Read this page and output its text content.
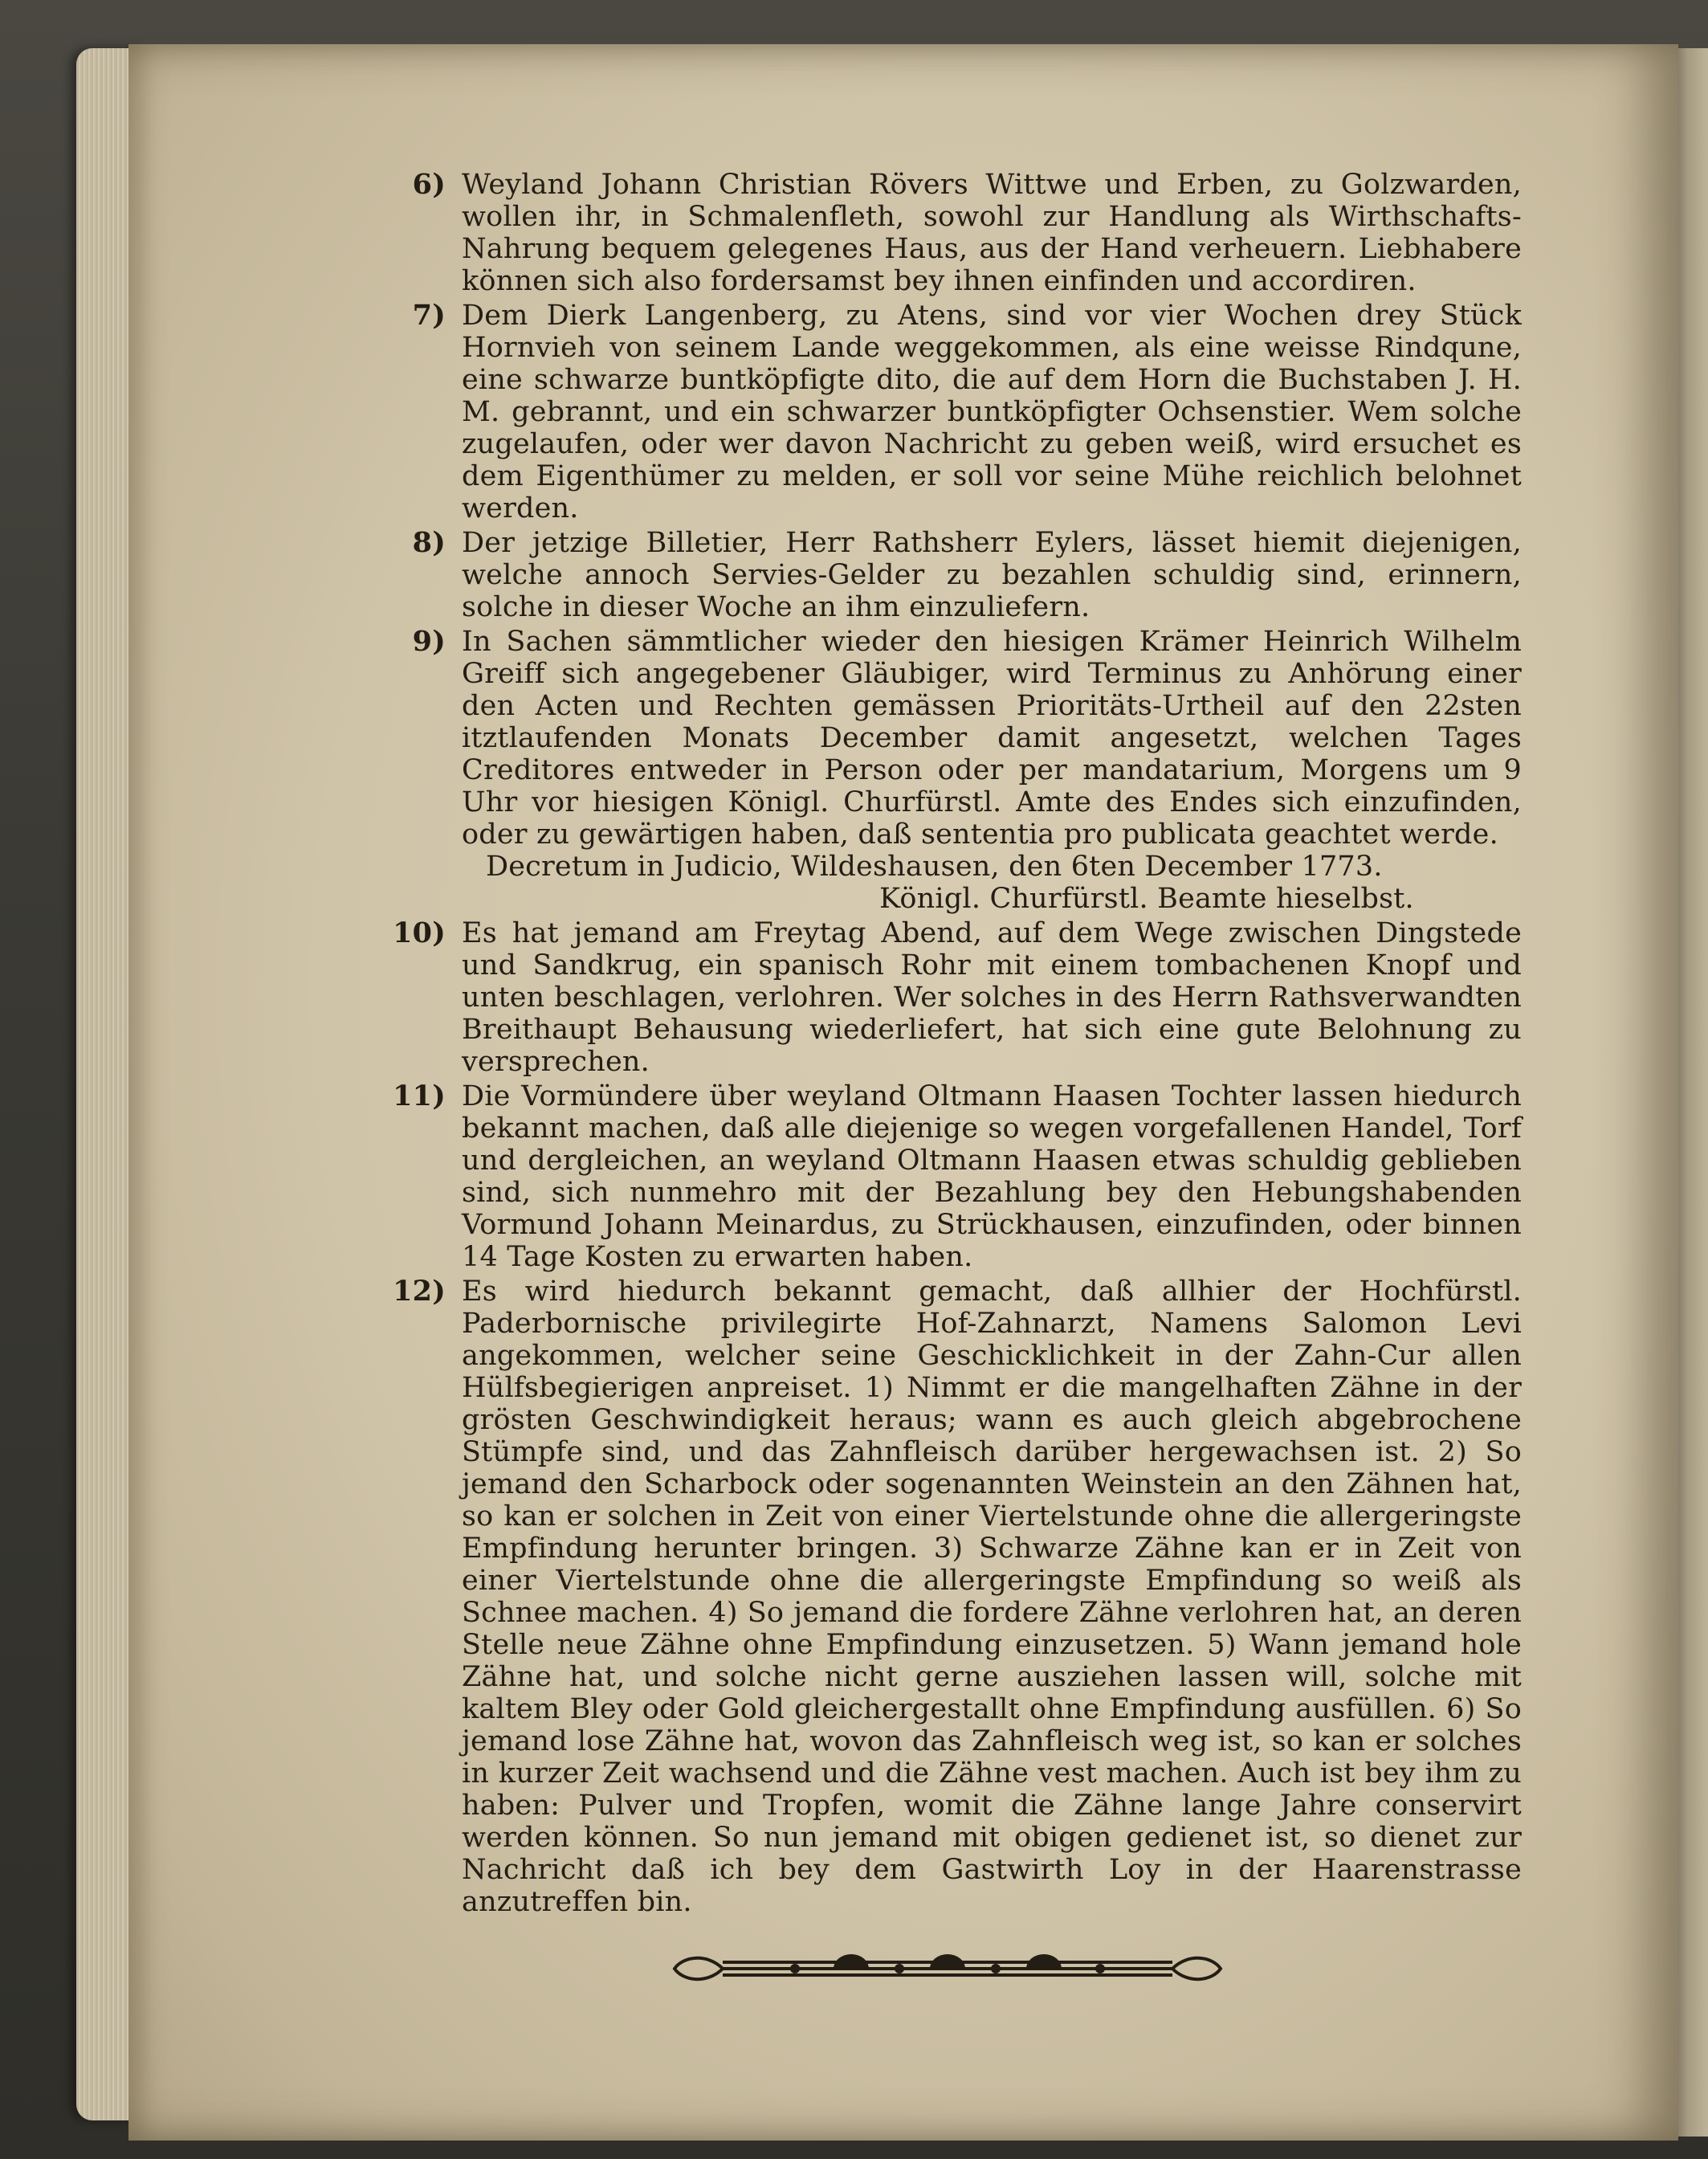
6) Weyland Johann Christian Rövers Wittwe und Erben, zu Golzwarden, wollen ihr, in Schmalenfleth, sowohl zur Handlung als Wirthschafts-Nahrung bequem gelegenes Haus, aus der Hand verheuern. Liebhabere können sich also fordersamst bey ihnen einfinden und accordiren.
7) Dem Dierk Langenberg, zu Atens, sind vor vier Wochen drey Stück Hornvieh von seinem Lande weggekommen, als eine weisse Rindqune, eine schwarze buntköpfigte dito, die auf dem Horn die Buchstaben J. H. M. gebrannt, und ein schwarzer buntköpfigter Ochsenstier. Wem solche zugelaufen, oder wer davon Nachricht zu geben weiß, wird ersuchet es dem Eigenthümer zu melden, er soll vor seine Mühe reichlich belohnet werden.
8) Der jetzige Billetier, Herr Rathsherr Eylers, lässet hiemit diejenigen, welche annoch Servies-Gelder zu bezahlen schuldig sind, erinnern, solche in dieser Woche an ihm einzuliefern.
9) In Sachen sämmtlicher wieder den hiesigen Krämer Heinrich Wilhelm Greiff sich angegebener Gläubiger, wird Terminus zu Anhörung einer den Acten und Rechten gemässen Prioritäts-Urtheil auf den 22sten itztlaufenden Monats December damit angesetzt, welchen Tages Creditores entweder in Person oder per mandatarium, Morgens um 9 Uhr vor hiesigen Königl. Churfürstl. Amte des Endes sich einzufinden, oder zu gewärtigen haben, daß sententia pro publicata geachtet werde.
Decretum in Judicio, Wildeshausen, den 6ten December 1773.
Königl. Churfürstl. Beamte hieselbst.
10) Es hat jemand am Freytag Abend, auf dem Wege zwischen Dingstede und Sandkrug, ein spanisch Rohr mit einem tombachenen Knopf und unten beschlagen, verlohren. Wer solches in des Herrn Rathsverwandten Breithaupt Behausung wiederliefert, hat sich eine gute Belohnung zu versprechen.
11) Die Vormündere über weyland Oltmann Haasen Tochter lassen hiedurch bekannt machen, daß alle diejenige so wegen vorgefallenen Handel, Torf und dergleichen, an weyland Oltmann Haasen etwas schuldig geblieben sind, sich nunmehro mit der Bezahlung bey den Hebungshabenden Vormund Johann Meinardus, zu Strückhausen, einzufinden, oder binnen 14 Tage Kosten zu erwarten haben.
12) Es wird hiedurch bekannt gemacht, daß allhier der Hochfürstl. Paderbornische privilegirte Hof-Zahnarzt, Namens Salomon Levi angekommen, welcher seine Geschicklichkeit in der Zahn-Cur allen Hülfsbegierigen anpreiset. 1) Nimmt er die mangelhaften Zähne in der grösten Geschwindigkeit heraus; wann es auch gleich abgebrochene Stümpfe sind, und das Zahnfleisch darüber hergewachsen ist. 2) So jemand den Scharbock oder sogenannten Weinstein an den Zähnen hat, so kan er solchen in Zeit von einer Viertelstunde ohne die allergeringste Empfindung herunter bringen. 3) Schwarze Zähne kan er in Zeit von einer Viertelstunde ohne die allergeringste Empfindung so weiß als Schnee machen. 4) So jemand die fordere Zähne verlohren hat, an deren Stelle neue Zähne ohne Empfindung einzusetzen. 5) Wann jemand hole Zähne hat, und solche nicht gerne ausziehen lassen will, solche mit kaltem Bley oder Gold gleichergestallt ohne Empfindung ausfüllen. 6) So jemand lose Zähne hat, wovon das Zahnfleisch weg ist, so kan er solches in kurzer Zeit wachsend und die Zähne vest machen. Auch ist bey ihm zu haben: Pulver und Tropfen, womit die Zähne lange Jahre conservirt werden können. So nun jemand mit obigen gedienet ist, so dienet zur Nachricht daß ich bey dem Gastwirth Loy in der Haarenstrasse anzutreffen bin.
